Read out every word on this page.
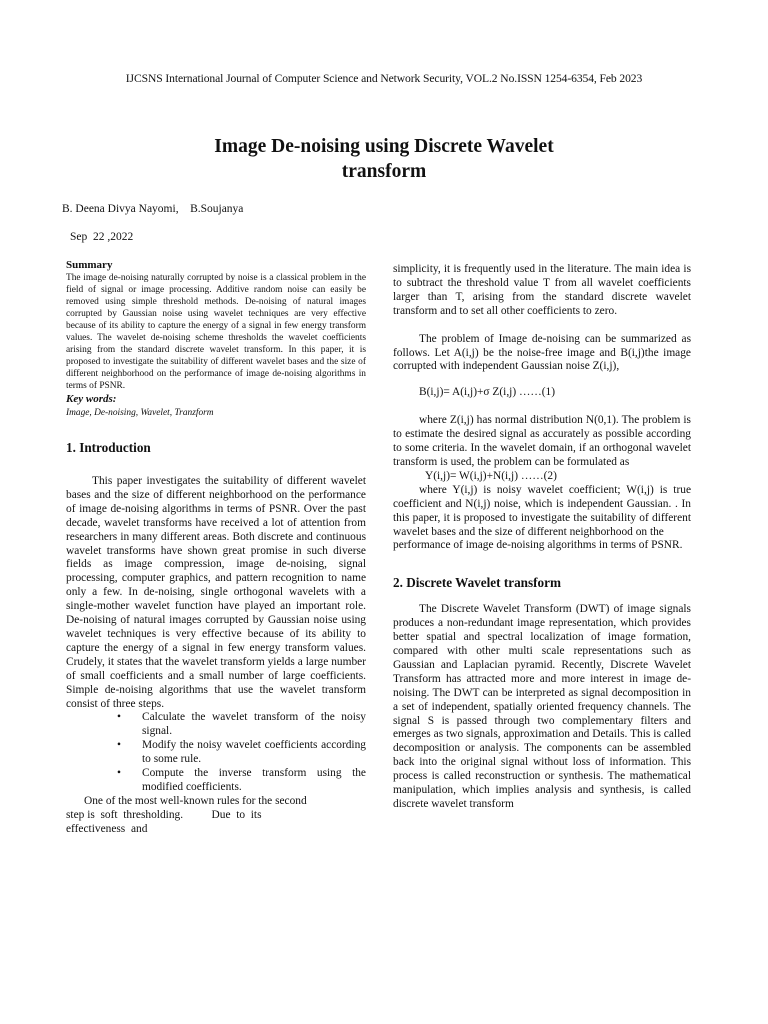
IJCSNS International Journal of Computer Science and Network Security, VOL.2 No.ISSN 1254-6354, Feb 2023
Image De-noising using Discrete Wavelet
transform
B. Deena Divya Nayomi,    B.Soujanya
Sep  22 ,2022

Summary

The image de-noising naturally corrupted by noise is a classical problem in the field of signal or image processing. Additive random noise can easily be removed using simple threshold methods. De-noising of natural images corrupted by Gaussian noise using wavelet techniques are very effective because of its ability to capture the energy of a signal in few energy transform values. The wavelet de-noising scheme thresholds the wavelet coefficients arising from the standard discrete wavelet transform. In this paper, it is proposed to investigate the suitability of different wavelet bases and the size of different neighborhood on the performance of image de-noising algorithms in terms of PSNR.

Key words:

Image, De-noising, Wavelet, Tranzform

1. Introduction

This paper investigates the suitability of different wavelet bases and the size of different neighborhood on the performance of image de-noising algorithms in terms of PSNR. Over the past decade, wavelet transforms have received a lot of attention from researchers in many different areas. Both discrete and continuous wavelet transforms have shown great promise in such diverse fields as image compression, image de-noising, signal processing, computer graphics, and pattern recognition to name only a few. In de-noising, single orthogonal wavelets with a single-mother wavelet function have played an important role. De-noising of natural images corrupted by Gaussian noise using wavelet techniques is very effective because of its ability to capture the energy of a signal in few energy transform values. Crudely, it states that the wavelet transform yields a large number of small coefficients and a small number of large coefficients. Simple de-noising algorithms that use the wavelet transform consist of three steps.

• Calculate the wavelet transform of the noisy signal.
• Modify the noisy wavelet coefficients according to some rule.
• Compute the inverse transform using the modified coefficients.

One of the most well-known rules for the second

step is  soft  thresholding.          Due  to  its

effectiveness  and

simplicity, it is frequently used in the literature. The main idea is to subtract the threshold value T from all wavelet coefficients larger than T, arising from the standard discrete wavelet transform and to set all other coefficients to zero.

The problem of Image de-noising can be summarized as follows. Let A(i,j) be the noise-free image and B(i,j)the image corrupted with independent Gaussian noise Z(i,j),

B(i,j)= A(i,j)+σ Z(i,j) ……(1)

where Z(i,j) has normal distribution N(0,1). The problem is to estimate the desired signal as accurately as possible according to some criteria. In the wavelet domain, if an orthogonal wavelet transform is used, the problem can be formulated as

Y(i,j)= W(i,j)+N(i,j) ……(2)

where Y(i,j) is noisy wavelet coefficient; W(i,j) is true coefficient and N(i,j) noise, which is independent Gaussian. . In this paper, it is proposed to investigate the suitability of different wavelet bases and the size of different neighborhood on the

performance of image de-noising algorithms in terms of PSNR.

2. Discrete Wavelet transform

The Discrete Wavelet Transform (DWT) of image signals produces a non-redundant image representation, which provides better spatial and spectral localization of image formation, compared with other multi scale representations such as Gaussian and Laplacian pyramid. Recently, Discrete Wavelet Transform has attracted more and more interest in image de-noising. The DWT can be interpreted as signal decomposition in a set of independent, spatially oriented frequency channels. The signal S is passed through two complementary filters and emerges as two signals, approximation and Details. This is called decomposition or analysis. The components can be assembled back into the original signal without loss of information. This process is called reconstruction or synthesis. The mathematical manipulation, which implies analysis and synthesis, is called discrete wavelet transform
